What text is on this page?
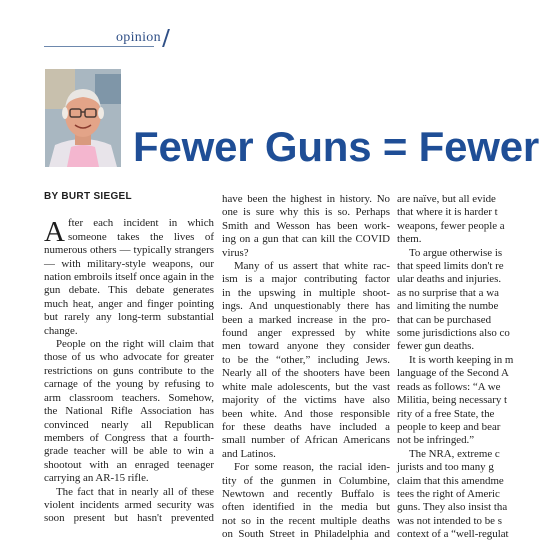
opinion
Fewer Guns = Fewer
BY BURT SIEGEL
A fter each incident in which
someone takes the lives of
numerous others — typically strangers
— with military-style weapons, our
nation embroils itself once again in the
gun debate. This debate generates
much heat, anger and finger pointing
but rarely any long-term substantial
change.
People on the right will claim that
those of us who advocate for greater
restrictions on guns contribute to the
carnage of the young by refusing to
arm classroom teachers. Somehow,
the National Rifle Association has
convinced nearly all Republican
members of Congress that a fourth-
grade teacher will be able to win a
shootout with an enraged teenager
carrying an AR-15 rifle.
The fact that in nearly all of these
violent incidents armed security was
soon present but hasn't prevented
have been the highest in history. No
one is sure why this is so. Perhaps
Smith and Wesson has been work-
ing on a gun that can kill the COVID
virus?
Many of us assert that white rac-
ism is a major contributing factor
in the upswing in multiple shoot-
ings. And unquestionably there has
been a marked increase in the pro-
found anger expressed by white
men toward anyone they consider
to be the “other,” including Jews.
Nearly all of the shooters have been
white male adolescents, but the vast
majority of the victims have also
been white. And those responsible
for these deaths have included a
small number of African Americans
and Latinos.
For some reason, the racial iden-
tity of the gunmen in Columbine,
Newtown and recently Buffalo is
often identified in the media but
not so in the recent multiple deaths
on South Street in Philadelphia and
are naïve, but all evide
that where it is harder t
weapons, fewer people a
them.
To argue otherwise is
that speed limits don't re
ular deaths and injuries.
as no surprise that a wa
and limiting the numbe
that can be purchased
some jurisdictions also co
fewer gun deaths.
It is worth keeping in m
language of the Second A
reads as follows: “A we
Militia, being necessary t
rity of a free State, the
people to keep and bear
not be infringed.”
The NRA, extreme c
jurists and too many g
claim that this amendme
tees the right of Americ
guns. They also insist tha
was not intended to be s
context of a “well-regulat
